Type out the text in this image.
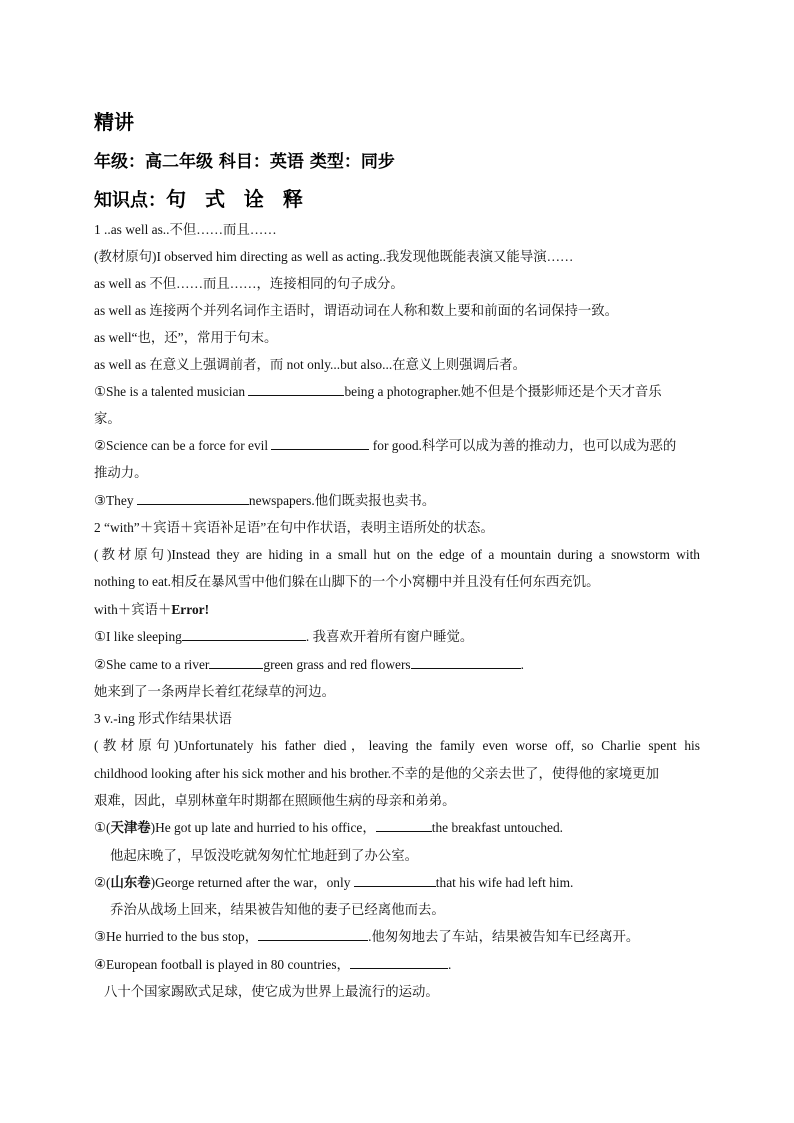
精讲
年级：高二年级 科目：英语 类型：同步
知识点：句 式 诠 释
1 ..as well as..不但……而且……
(教材原句)I observed him directing as well as acting..我发现他既能表演又能导演……
as well as 不但……而且……，连接相同的句子成分。
as well as 连接两个并列名词作主语时，谓语动词在人称和数上要和前面的名词保持一致。
as well“也，还”，常用于句末。
as well as 在意义上强调前者，而 not only...but also...在意义上则强调后者。
①She is a talented musician	being a photographer.她不但是个摄影师还是个天才音乐
家。
②Science can be a force for evil	for good.科学可以成为善的推动力，也可以成为恶的
推动力。
③They	newspapers.他们既卖报也卖书。
2 “with”＋宾语＋宾语补足语”在句中作状语，表明主语所处的状态。
(教材原句)Instead they are hiding in a small hut on the edge of a mountain during a snowstorm with
nothing to eat.相反在暴风雪中他们躲在山脚下的一个小窝棚中并且没有任何东西充饥。
with＋宾语＋Error!
①I like sleeping	. 我喜欢开着所有窗户睡觉。
②She came to a river	green grass and red flowers	.
她来到了一条两岸长着红花绿草的河边。
3 v.-ing 形式作结果状语
(教材原句)Unfortunately his father died，leaving the family even worse off, so Charlie spent his
childhood looking after his sick mother and his brother.不幸的是他的父亲去世了，使得他的家境更加
艰难，因此，卓别林童年时期都在照顾他生病的母亲和弟弟。
①(天津卷)He got up late and hurried to his office，	the breakfast untouched.
他起床晚了，早饭没吃就匆匆忙忙地赶到了办公室。
②(山东卷)George returned after the war，only	that his wife had left him.
乔治从战场上回来，结果被告知他的妻子已经离他而去。
③He hurried to the bus stop，	.他匆匆地去了车站，结果被告知车已经离开。
④European football is played in 80 countries，	.
八十个国家踢欧式足球，使它成为世界上最流行的运动。
